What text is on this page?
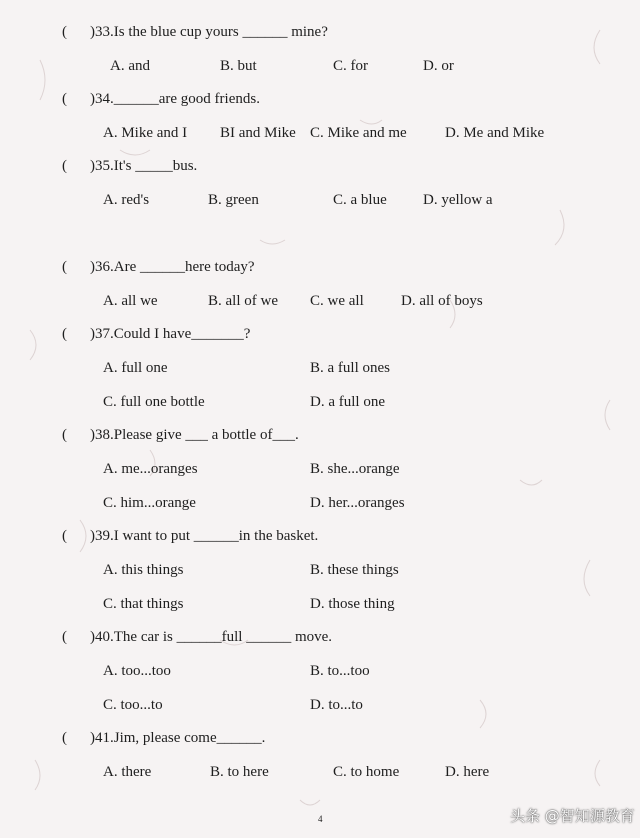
( )33.Is the blue cup yours ______ mine?
A. and	B. but	C. for	D. or
( )34.______are good friends.
A. Mike and I BI and Mike C. Mike and me	D. Me and Mike
( )35.It's _____bus.
A. red's	B. green	C. a blue D. yellow a
( )36.Are ______here today?
A. all we	B. all of we C. we all D. all of boys
( )37.Could I have_______?
A. full one	B. a full ones
C. full one bottle	D. a full one
( )38.Please give ___ a bottle of___.
A. me...oranges	B. she...orange
C. him...orange	D. her...oranges
( )39.I want to put ______in the basket.
A. this things	B. these things
C. that things	D. those thing
( )40.The car is ______full ______ move.
A. too...too	B. to...too
C. too...to	D. to...to
( )41.Jim, please come______.
A. there	B. to here	C. to home	D. here
4	头条 @智知源教育
